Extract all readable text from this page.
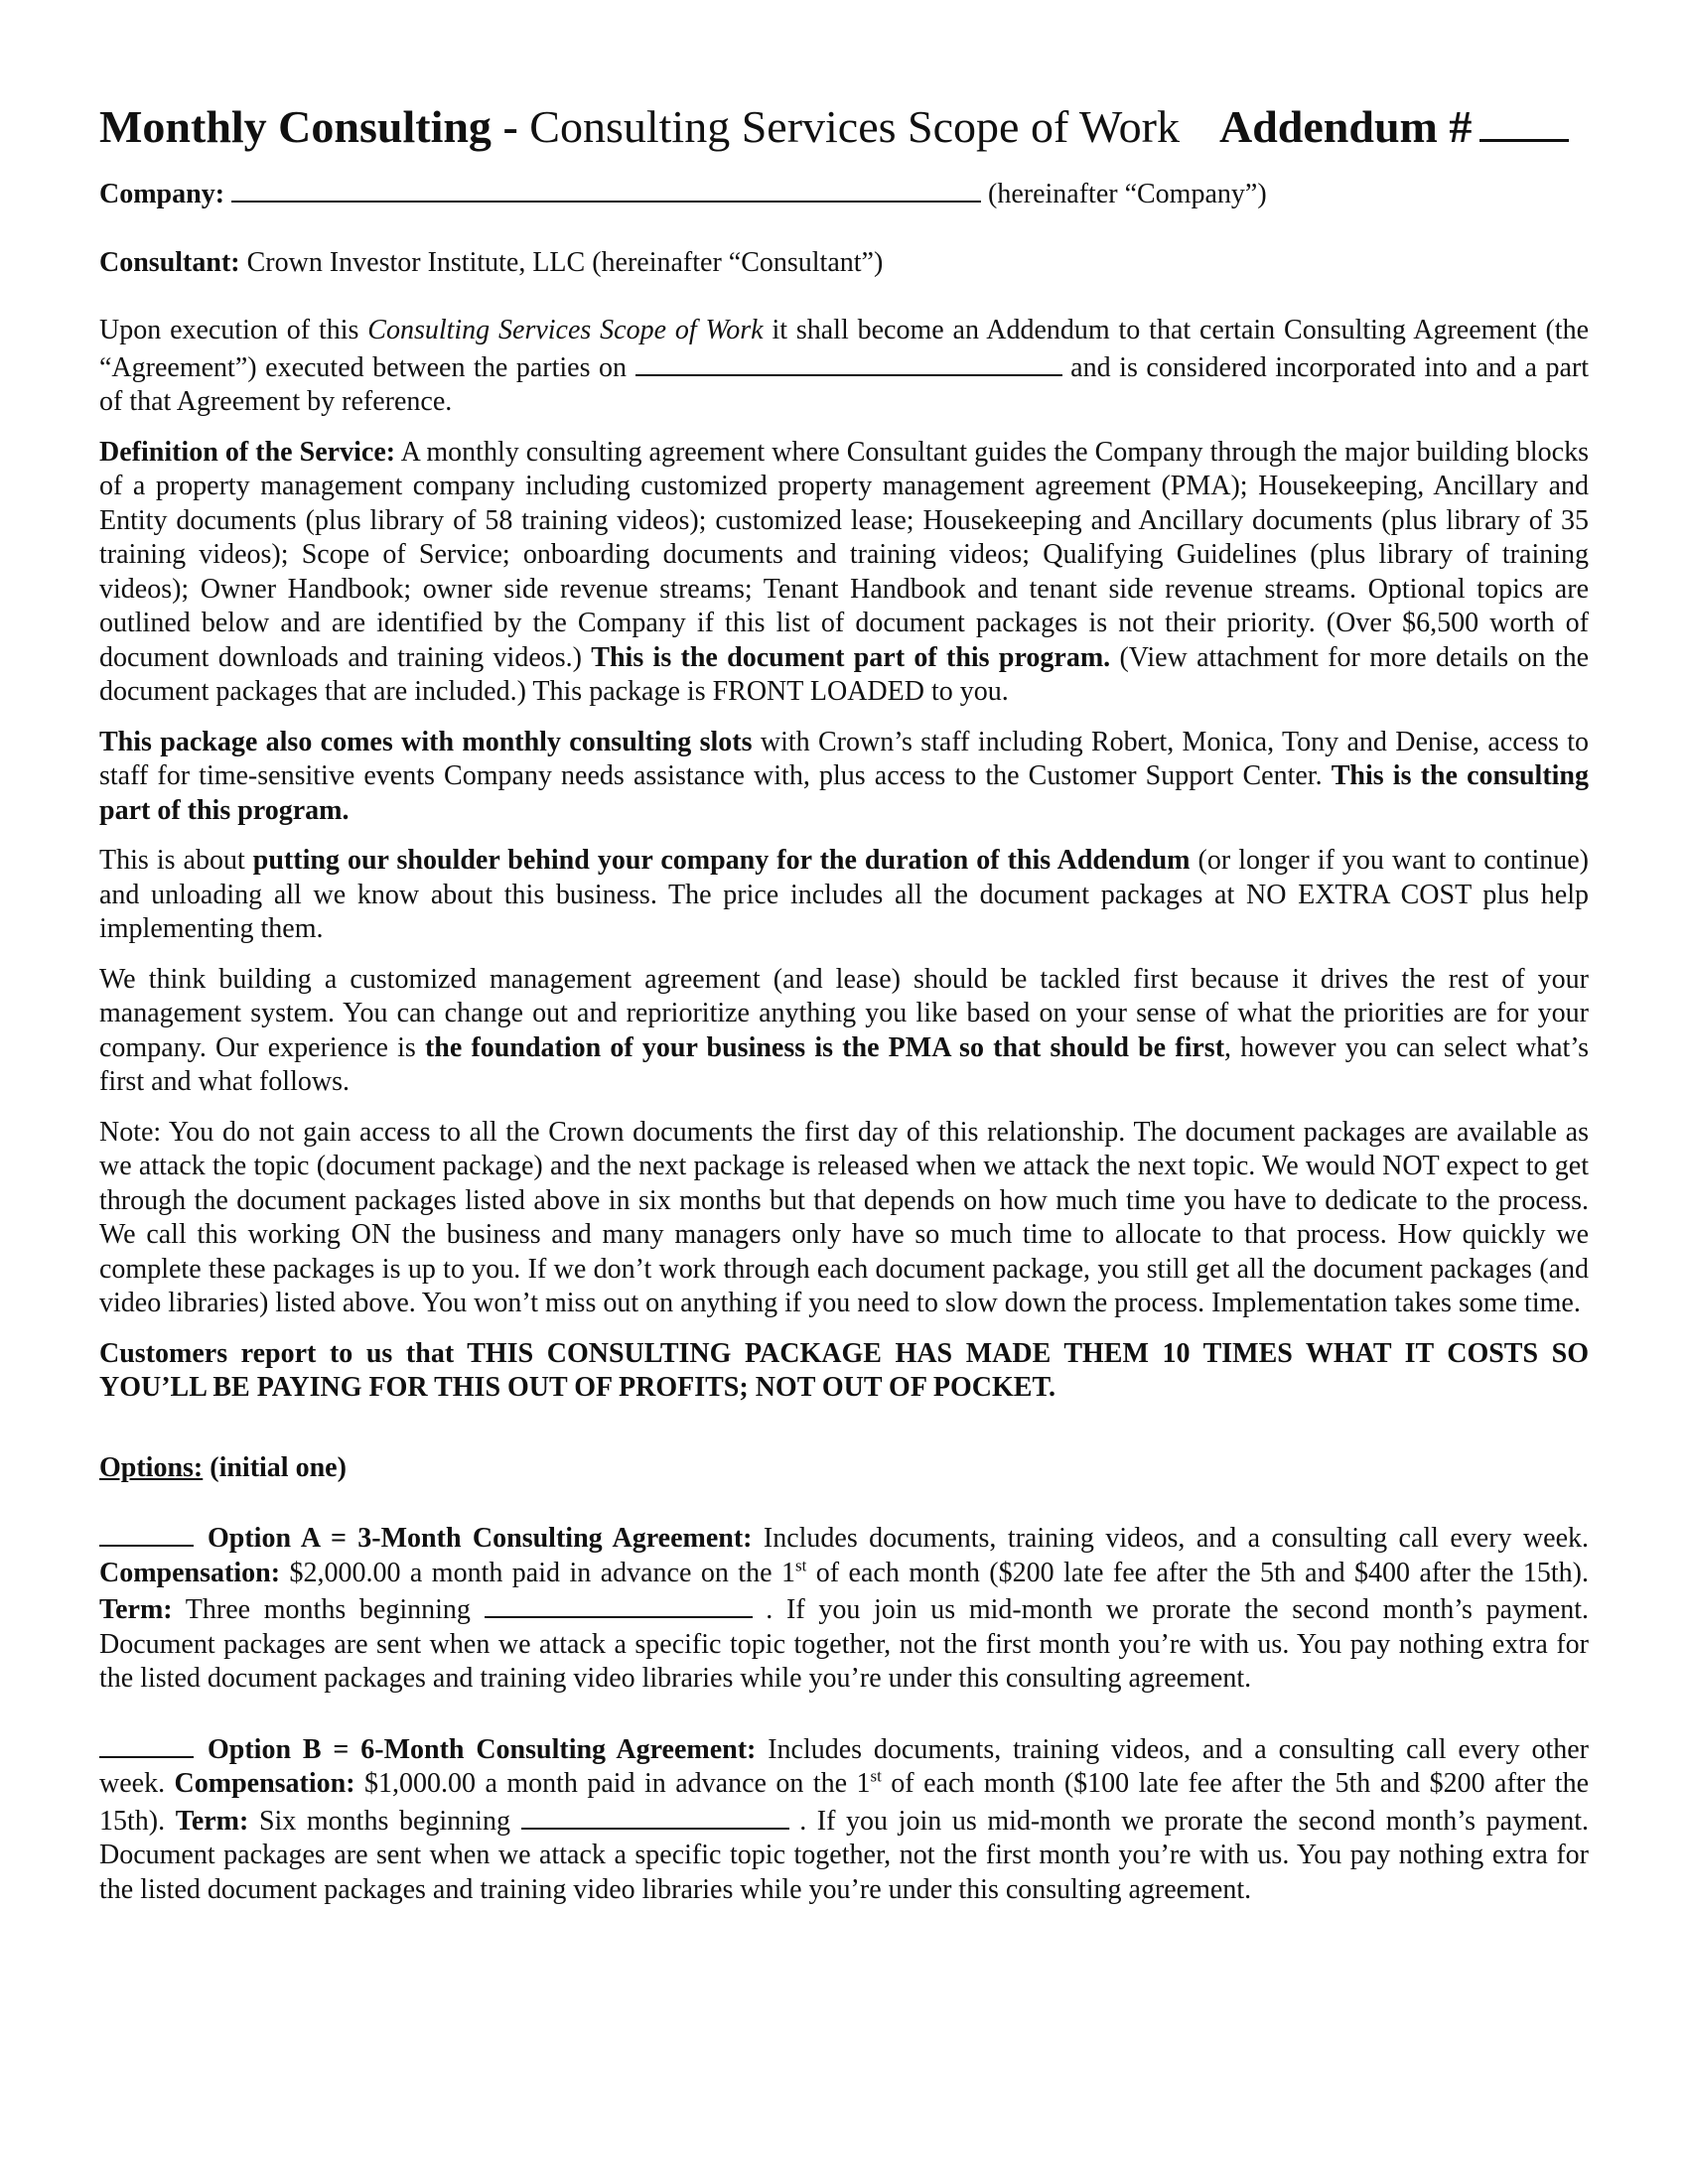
Monthly Consulting - Consulting Services Scope of Work Addendum #
Company:	(hereinafter “Company”)
Consultant: Crown Investor Institute, LLC (hereinafter “Consultant”)

Upon execution of this Consulting Services Scope of Work it shall become an Addendum to that certain Consulting Agreement (the “Agreement”) executed between the parties on	and is considered incorporated into and a part of that Agreement by reference.

Definition of the Service: A monthly consulting agreement where Consultant guides the Company through the major building blocks of a property management company including customized property management agreement (PMA); Housekeeping, Ancillary and Entity documents (plus library of 58 training videos); customized lease; Housekeeping and Ancillary documents (plus library of 35 training videos); Scope of Service; onboarding documents and training videos; Qualifying Guidelines (plus library of training videos); Owner Handbook; owner side revenue streams; Tenant Handbook and tenant side revenue streams. Optional topics are outlined below and are identified by the Company if this list of document packages is not their priority. (Over $6,500 worth of document downloads and training videos.) This is the document part of this program. (View attachment for more details on the document packages that are included.) This package is FRONT LOADED to you.

This package also comes with monthly consulting slots with Crown’s staff including Robert, Monica, Tony and Denise, access to staff for time-sensitive events Company needs assistance with, plus access to the Customer Support Center. This is the consulting part of this program.

This is about putting our shoulder behind your company for the duration of this Addendum (or longer if you want to continue) and unloading all we know about this business. The price includes all the document packages at NO EXTRA COST plus help implementing them.

We think building a customized management agreement (and lease) should be tackled first because it drives the rest of your management system. You can change out and reprioritize anything you like based on your sense of what the priorities are for your company. Our experience is the foundation of your business is the PMA so that should be first, however you can select what’s first and what follows.

Note: You do not gain access to all the Crown documents the first day of this relationship. The document packages are available as we attack the topic (document package) and the next package is released when we attack the next topic. We would NOT expect to get through the document packages listed above in six months but that depends on how much time you have to dedicate to the process. We call this working ON the business and many managers only have so much time to allocate to that process. How quickly we complete these packages is up to you. If we don’t work through each document package, you still get all the document packages (and video libraries) listed above. You won’t miss out on anything if you need to slow down the process. Implementation takes some time.

Customers report to us that THIS CONSULTING PACKAGE HAS MADE THEM 10 TIMES WHAT IT COSTS SO YOU’LL BE PAYING FOR THIS OUT OF PROFITS; NOT OUT OF POCKET.

Options: (initial one)

Option A = 3-Month Consulting Agreement: Includes documents, training videos, and a consulting call every week. Compensation: $2,000.00 a month paid in advance on the 1st of each month ($200 late fee after the 5th and $400 after the 15th). Term: Three months beginning	. If you join us mid-month we prorate the second month’s payment. Document packages are sent when we attack a specific topic together, not the first month you’re with us. You pay nothing extra for the listed document packages and training video libraries while you’re under this consulting agreement.

Option B = 6-Month Consulting Agreement: Includes documents, training videos, and a consulting call every other week. Compensation: $1,000.00 a month paid in advance on the 1st of each month ($100 late fee after the 5th and $200 after the 15th). Term: Six months beginning	. If you join us mid-month we prorate the second month’s payment. Document packages are sent when we attack a specific topic together, not the first month you’re with us. You pay nothing extra for the listed document packages and training video libraries while you’re under this consulting agreement.
